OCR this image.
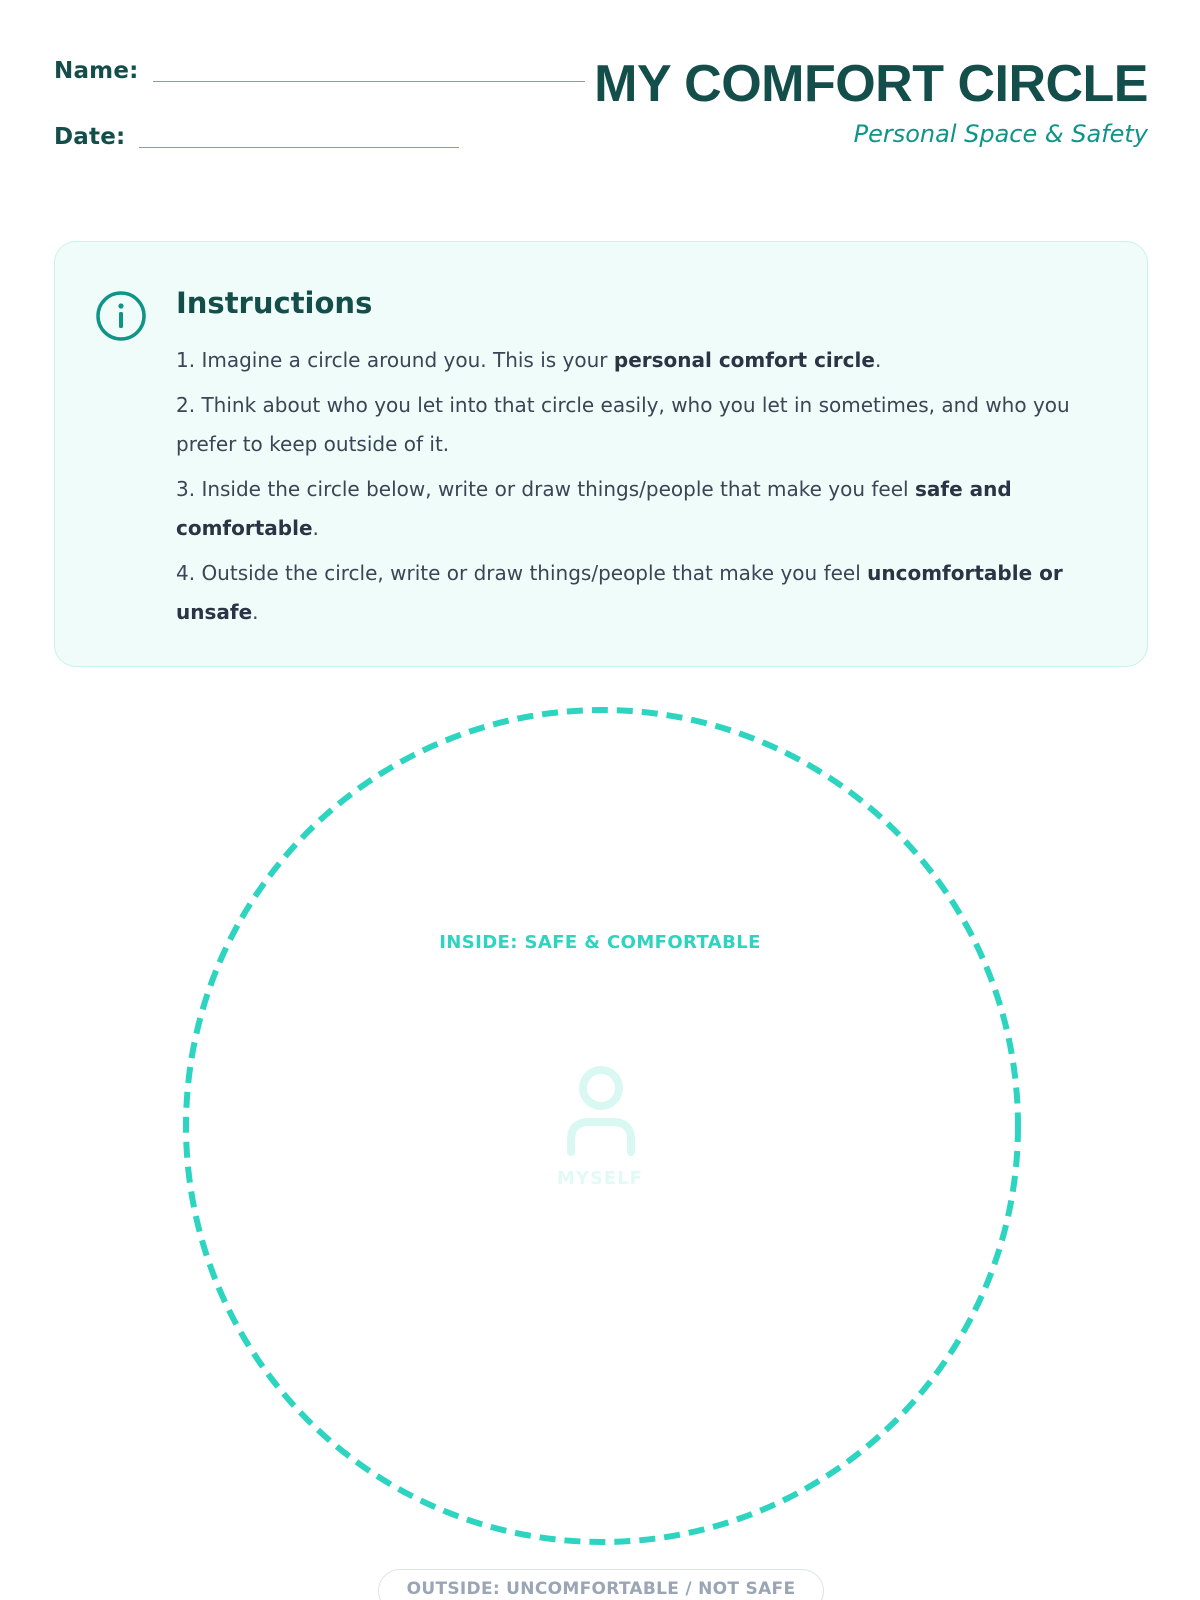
Name:
Date:
MY COMFORT CIRCLE
Personal Space & Safety
Instructions

1. Imagine a circle around you. This is your personal comfort circle.

2. Think about who you let into that circle easily, who you let in sometimes, and who you prefer to keep outside of it.

3. Inside the circle below, write or draw things/people that make you feel safe and comfortable.

4. Outside the circle, write or draw things/people that make you feel uncomfortable or unsafe.

INSIDE: SAFE & COMFORTABLE
MYSELF
OUTSIDE: UNCOMFORTABLE / NOT SAFE
